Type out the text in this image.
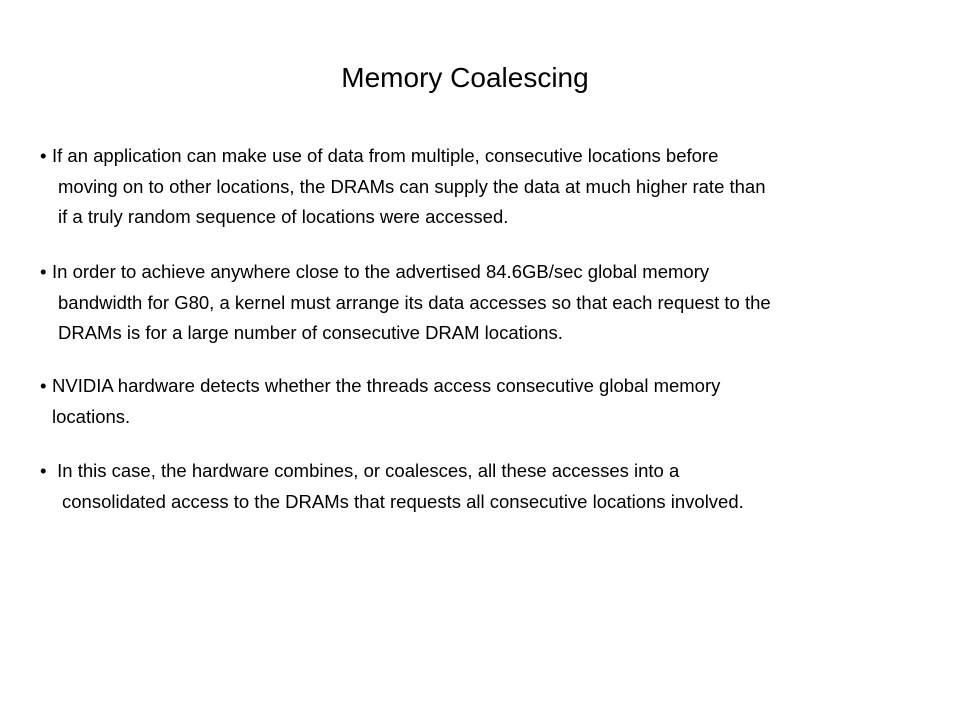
Memory Coalescing
• If an application can make use of data from multiple, consecutive locations before
moving on to other locations, the DRAMs can supply the data at much higher rate than
if a truly random sequence of locations were accessed.
• In order to achieve anywhere close to the advertised 84.6GB/sec global memory
bandwidth for G80, a kernel must arrange its data accesses so that each request to the
DRAMs is for a large number of consecutive DRAM locations.
• NVIDIA hardware detects whether the threads access consecutive global memory
locations.
• In this case, the hardware combines, or coalesces, all these accesses into a
consolidated access to the DRAMs that requests all consecutive locations involved.
